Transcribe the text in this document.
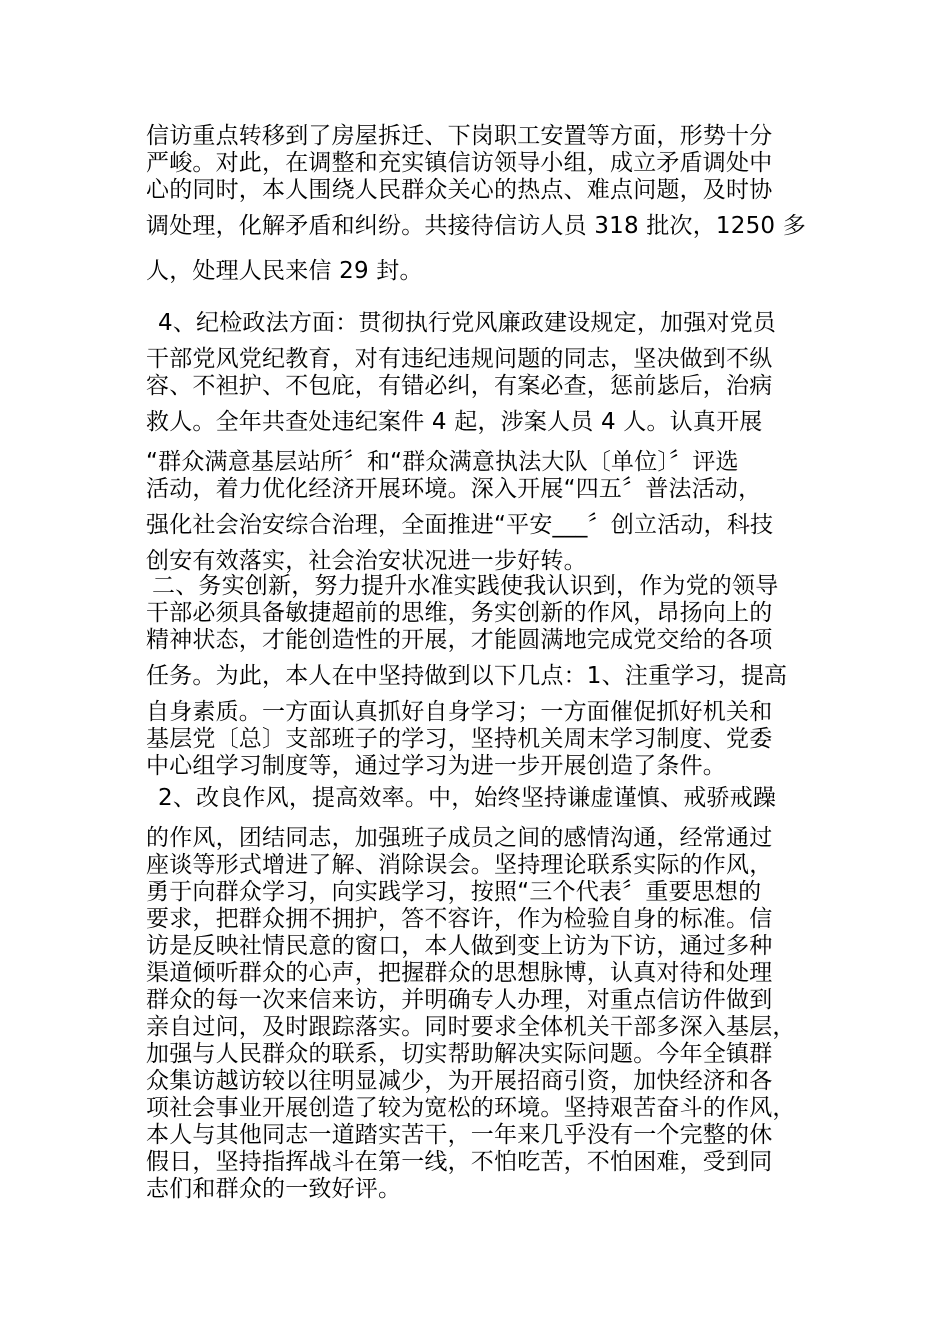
信访重点转移到了房屋拆迁、下岗职工安置等方面，形势十分
严峻。对此，在调整和充实镇信访领导小组，成立矛盾调处中
心的同时，本人围绕人民群众关心的热点、难点问题，及时协
调处理，化解矛盾和纠纷。共接待信访人员 318 批次，1250 多
人，处理人民来信 29 封。
4、纪检政法方面：贯彻执行党风廉政建设规定，加强对党员
干部党风党纪教育，对有违纪违规问题的同志，坚决做到不纵
容、不袒护、不包庇，有错必纠，有案必查，惩前毖后，治病
救人。全年共查处违纪案件 4 起，涉案人员 4 人。认真开展
“群众满意基层站所〞和“群众满意执法大队〔单位〕〞评选
活动，着力优化经济开展环境。深入开展“四五〞普法活动，
强化社会治安综合治理，全面推进“平安___〞创立活动，科技
创安有效落实，社会治安状况进一步好转。
二、务实创新，努力提升水准实践使我认识到，作为党的领导
干部必须具备敏捷超前的思维，务实创新的作风，昂扬向上的
精神状态，才能创造性的开展，才能圆满地完成党交给的各项
任务。为此，本人在中坚持做到以下几点：1、注重学习，提高
自身素质。一方面认真抓好自身学习；一方面催促抓好机关和
基层党〔总〕支部班子的学习，坚持机关周末学习制度、党委
中心组学习制度等，通过学习为进一步开展创造了条件。
2、改良作风，提高效率。中，始终坚持谦虚谨慎、戒骄戒躁
的作风，团结同志，加强班子成员之间的感情沟通，经常通过
座谈等形式增进了解、消除误会。坚持理论联系实际的作风，
勇于向群众学习，向实践学习，按照“三个代表〞重要思想的
要求，把群众拥不拥护，答不容许，作为检验自身的标准。信
访是反映社情民意的窗口，本人做到变上访为下访，通过多种
渠道倾听群众的心声，把握群众的思想脉博，认真对待和处理
群众的每一次来信来访，并明确专人办理，对重点信访件做到
亲自过问，及时跟踪落实。同时要求全体机关干部多深入基层，
加强与人民群众的联系，切实帮助解决实际问题。今年全镇群
众集访越访较以往明显减少，为开展招商引资，加快经济和各
项社会事业开展创造了较为宽松的环境。坚持艰苦奋斗的作风，
本人与其他同志一道踏实苦干，一年来几乎没有一个完整的休
假日，坚持指挥战斗在第一线，不怕吃苦，不怕困难，受到同
志们和群众的一致好评。
